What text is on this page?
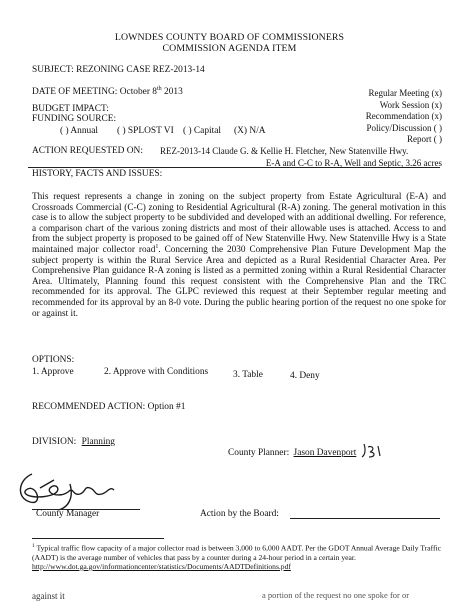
LOWNDES COUNTY BOARD OF COMMISSIONERS
COMMISSION AGENDA ITEM
SUBJECT: REZONING CASE REZ-2013-14
DATE OF MEETING: October 8th 2013	Regular Meeting (x)
Work Session (x)
Recommendation (x)
Policy/Discussion ( )
Report ( )
BUDGET IMPACT:
FUNDING SOURCE:
( ) Annual ( ) SPLOST VI ( ) Capital (X) N/A
ACTION REQUESTED ON: REZ-2013-14 Claude G. & Kellie H. Fletcher, New Statenville Hwy.
E-A and C-C to R-A, Well and Septic, 3.26 acres
HISTORY, FACTS AND ISSUES:
This request represents a change in zoning on the subject property from Estate Agricultural (E-A) and Crossroads Commercial (C-C) zoning to Residential Agricultural (R-A) zoning. The general motivation in this case is to allow the subject property to be subdivided and developed with an additional dwelling. For reference, a comparison chart of the various zoning districts and most of their allowable uses is attached. Access to and from the subject property is proposed to be gained off of New Statenville Hwy. New Statenville Hwy is a State maintained major collector road$^1$. Concerning the 2030 Comprehensive Plan Future Development Map the subject property is within the Rural Service Area and depicted as a Rural Residential Character Area. Per Comprehensive Plan guidance R-A zoning is listed as a permitted zoning within a Rural Residential Character Area. Ultimately, Planning found this request consistent with the Comprehensive Plan and the TRC recommended for its approval. The GLPC reviewed this request at their September regular meeting and recommended for its approval by an 8-0 vote. During the public hearing portion of the request no one spoke for or against it.
OPTIONS:
1. Approve	2. Approve with Conditions	3. Table	4. Deny
RECOMMENDED ACTION: Option #1
DIVISION: Planning
County Planner: Jason Davenport
County Manager	Action by the Board:
$^1$ Typical traffic flow capacity of a major collector road is between 3,000 to 6,000 AADT. Per the GDOT Annual Average Daily Traffic (AADT) is the average number of vehicles that pass by a counter during a 24-hour period in a certain year.
http://www.dot.ga.gov/informationcenter/statistics/Documents/AADTDefinitions.pdf
against it	a portion of the request no one spoke for or
